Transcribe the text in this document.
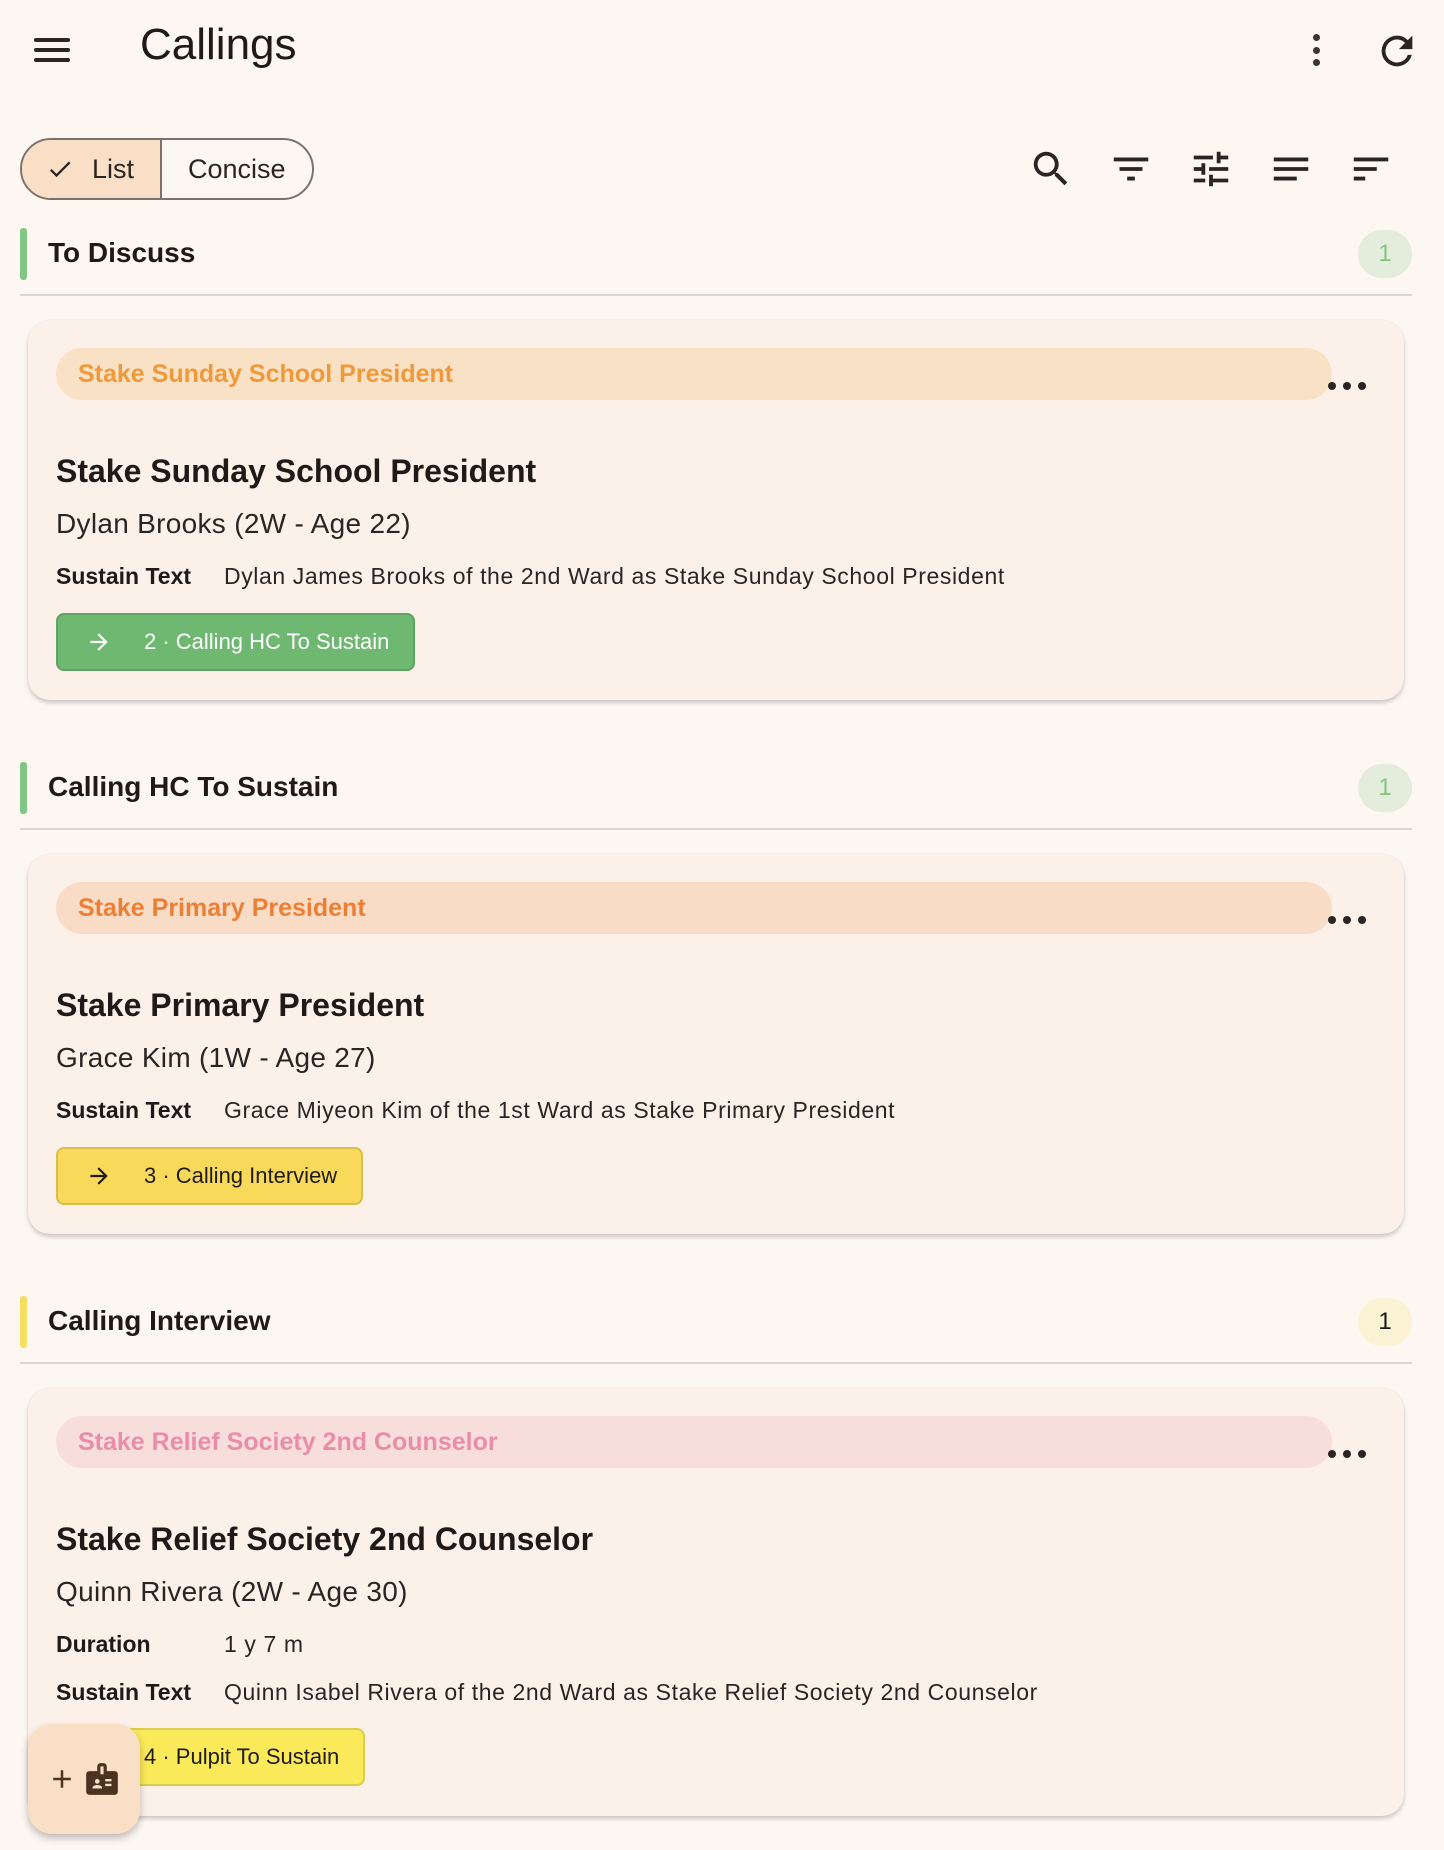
Callings
List Concise
To Discuss	1
Stake Sunday School President
Stake Sunday School President
Dylan Brooks (2W - Age 22)
Sustain Text	Dylan James Brooks of the 2nd Ward as Stake Sunday School President
2 · Calling HC To Sustain
Calling HC To Sustain	1
Stake Primary President
Stake Primary President
Grace Kim (1W - Age 27)
Sustain Text	Grace Miyeon Kim of the 1st Ward as Stake Primary President
3 · Calling Interview
Calling Interview	1
Stake Relief Society 2nd Counselor
Stake Relief Society 2nd Counselor
Quinn Rivera (2W - Age 30)
Duration	1 y 7 m
Sustain Text	Quinn Isabel Rivera of the 2nd Ward as Stake Relief Society 2nd Counselor
4 · Pulpit To Sustain
